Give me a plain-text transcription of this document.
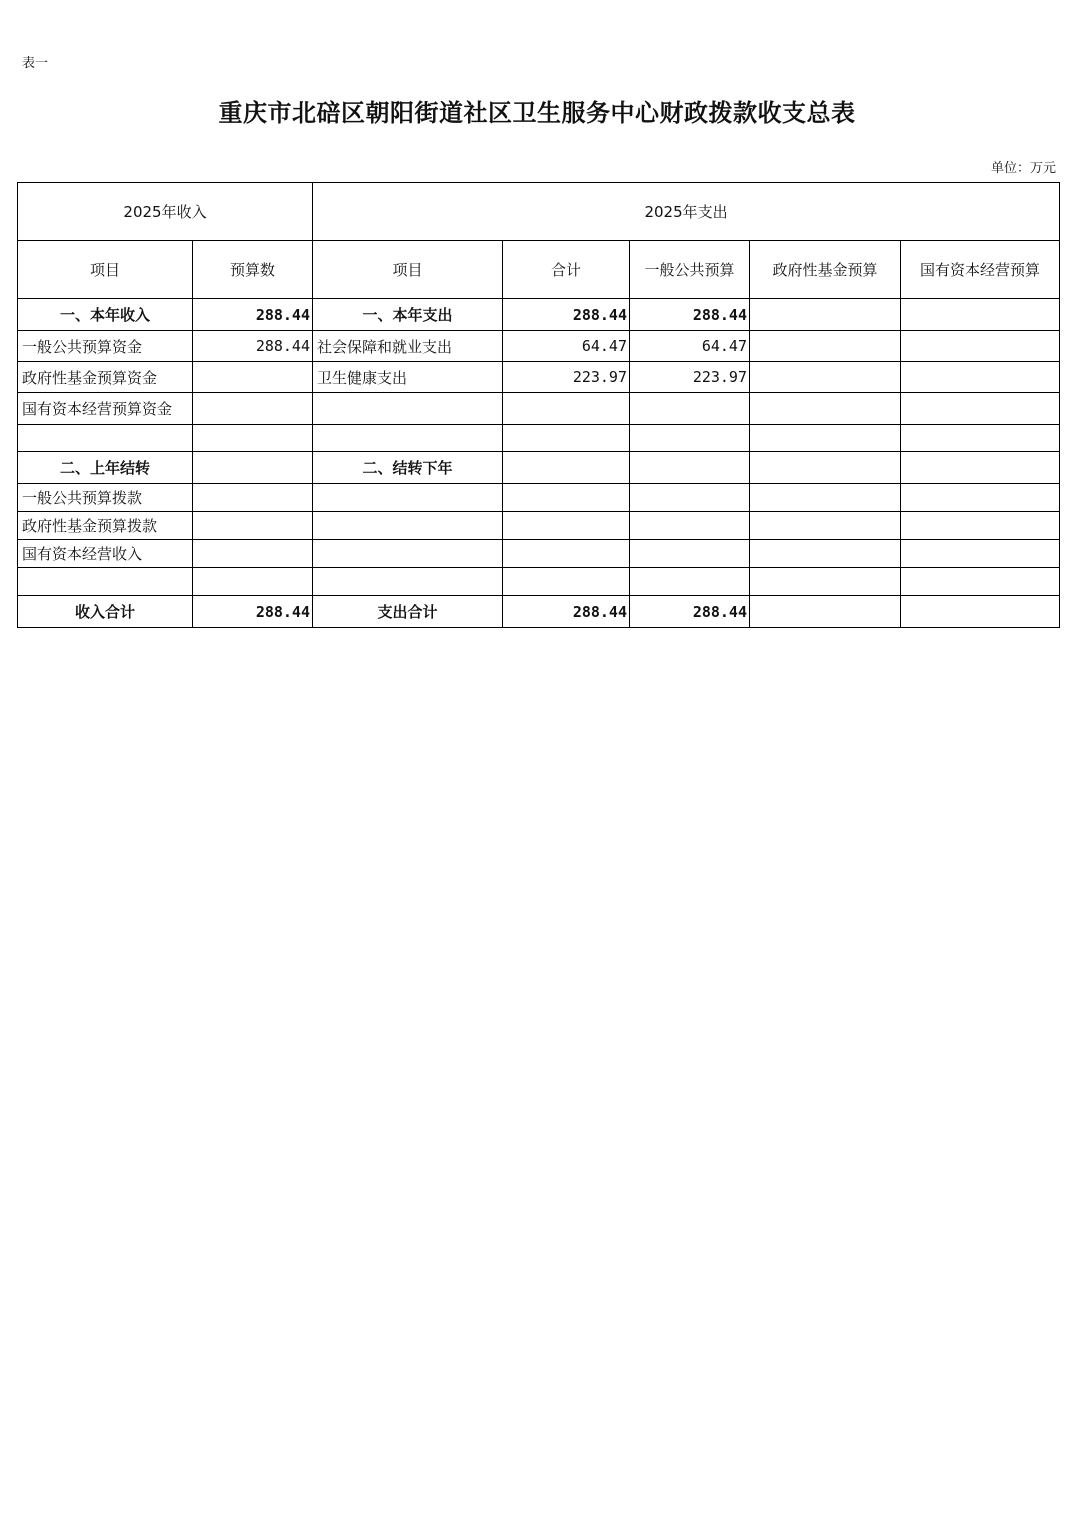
表一
重庆市北碚区朝阳街道社区卫生服务中心财政拨款收支总表
单位：万元
2025年收入		2025年支出				
项目	预算数	项目	合计	一般公共预算	政府性基金预算	国有资本经营预算
一、本年收入	288.44	一、本年支出	288.44	288.44		
一般公共预算资金	288.44	社会保障和就业支出	64.47	64.47		
政府性基金预算资金		卫生健康支出	223.97	223.97		
国有资本经营预算资金						

二、上年结转		二、结转下年				
一般公共预算拨款						
政府性基金预算拨款						
国有资本经营收入						

收入合计	288.44	支出合计	288.44	288.44		
